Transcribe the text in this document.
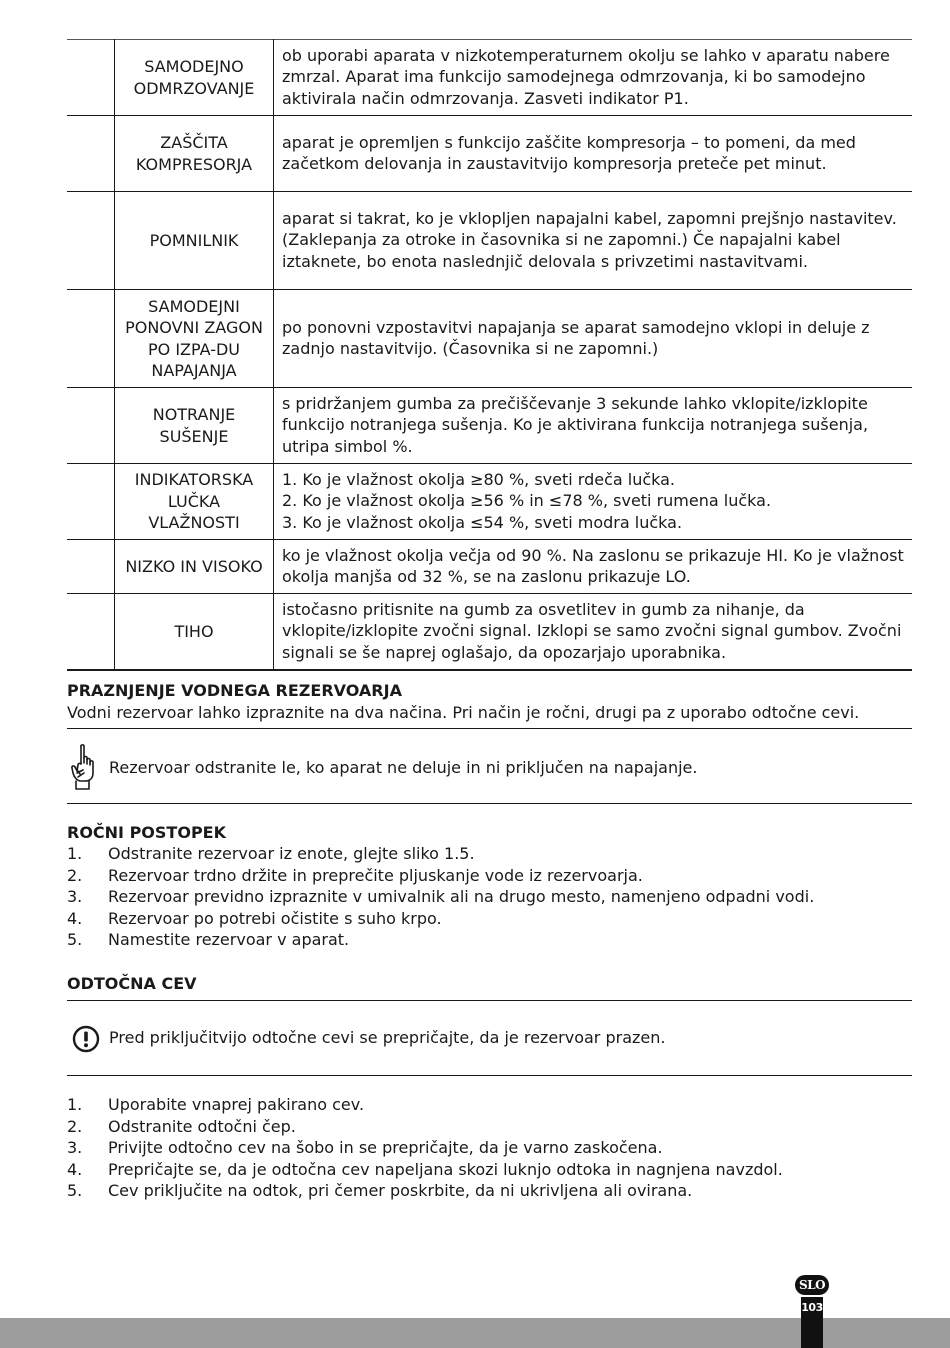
	SAMODEJNO ODMRZOVANJE	ob uporabi aparata v nizkotemperaturnem okolju se lahko v aparatu nabere zmrzal. Aparat ima funkcijo samodejnega odmrzovanja, ki bo samodejno aktivirala način odmrzovanja. Zasveti indikator P1.
	ZAŠČITA KOMPRESORJA	aparat je opremljen s funkcijo zaščite kompresorja – to pomeni, da med začetkom delovanja in zaustavitvijo kompresorja preteče pet minut.
	POMNILNIK	aparat si takrat, ko je vklopljen napajalni kabel, zapomni prejšnjo nastavitev. (Zaklepanja za otroke in časovnika si ne zapomni.) Če napajalni kabel iztaknete, bo enota naslednjič delovala s privzetimi nastavitvami.
	SAMODEJNI PONOVNI ZAGON PO IZPA-DU NAPAJANJA	po ponovni vzpostavitvi napajanja se aparat samodejno vklopi in deluje z zadnjo nastavitvijo. (Časovnika si ne zapomni.)
	NOTRANJE SUŠENJE	s pridržanjem gumba za prečiščevanje 3 sekunde lahko vklopite/izklopite funkcijo notranjega sušenja. Ko je aktivirana funkcija notranjega sušenja, utripa simbol %.
	INDIKATORSKA LUČKA VLAŽNOSTI	1. Ko je vlažnost okolja ≥80 %, sveti rdeča lučka.
2. Ko je vlažnost okolja ≥56 % in ≤78 %, sveti rumena lučka.
3. Ko je vlažnost okolja ≤54 %, sveti modra lučka.

	NIZKO IN VISOKO	ko je vlažnost okolja večja od 90 %. Na zaslonu se prikazuje HI. Ko je vlažnost okolja manjša od 32 %, se na zaslonu prikazuje LO.
	TIHO	istočasno pritisnite na gumb za osvetlitev in gumb za nihanje, da vklopite/izklopite zvočni signal. Izklopi se samo zvočni signal gumbov. Zvočni signali se še naprej oglašajo, da opozarjajo uporabnika.
PRAZNJENJE VODNEGA REZERVOARJA
Vodni rezervoar lahko izpraznite na dva načina. Pri način je ročni, drugi pa z uporabo odtočne cevi.
Rezervoar odstranite le, ko aparat ne deluje in ni priključen na napajanje.
ROČNI POSTOPEK
1. Odstranite rezervoar iz enote, glejte sliko 1.5.
2. Rezervoar trdno držite in preprečite pljuskanje vode iz rezervoarja.
3. Rezervoar previdno izpraznite v umivalnik ali na drugo mesto, namenjeno odpadni vodi.
4. Rezervoar po potrebi očistite s suho krpo.
5. Namestite rezervoar v aparat.
ODTOČNA CEV
Pred priključitvijo odtočne cevi se prepričajte, da je rezervoar prazen.
1. Uporabite vnaprej pakirano cev.
2. Odstranite odtočni čep.
3. Privijte odtočno cev na šobo in se prepričajte, da je varno zaskočena.
4. Prepričajte se, da je odtočna cev napeljana skozi luknjo odtoka in nagnjena navzdol.
5. Cev priključite na odtok, pri čemer poskrbite, da ni ukrivljena ali ovirana.
103
SLO
